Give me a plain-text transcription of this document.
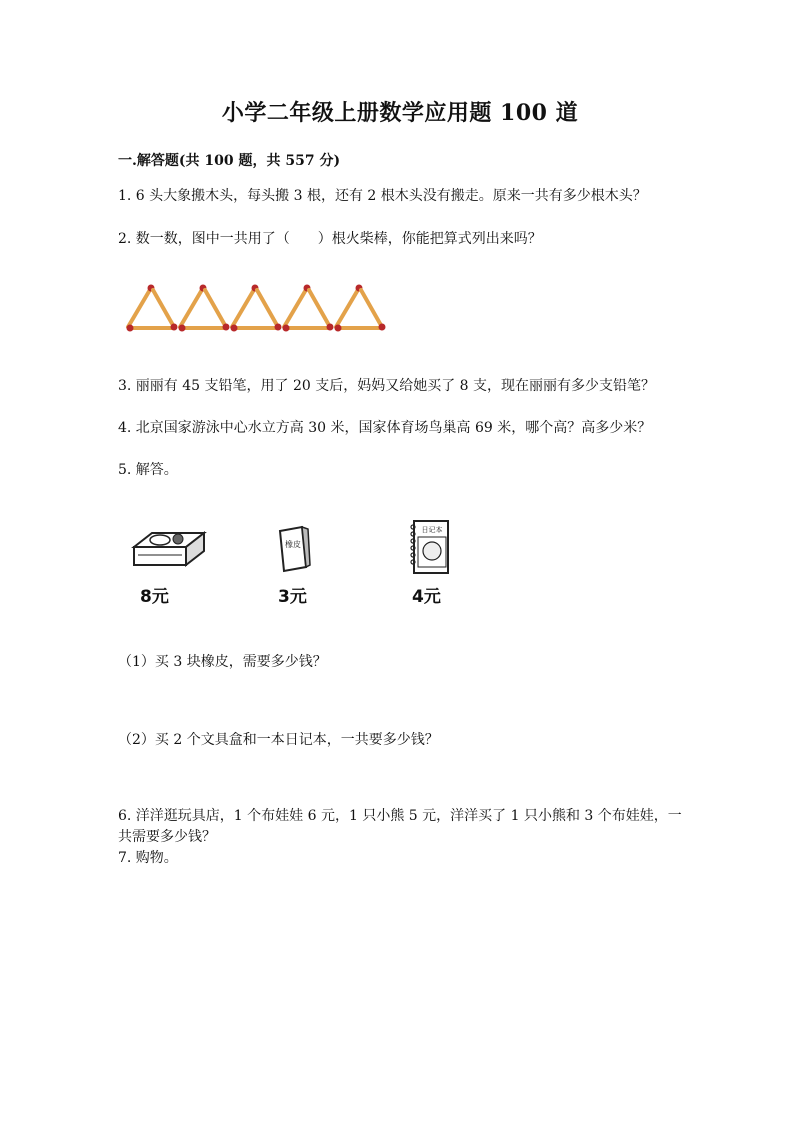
小学二年级上册数学应用题 100 道
一.解答题(共 100 题，共 557 分)
1. 6 头大象搬木头，每头搬 3 根，还有 2 根木头没有搬走。原来一共有多少根木头？
2. 数一数，图中一共用了（　　）根火柴棒，你能把算式列出来吗？
3. 丽丽有 45 支铅笔，用了 20 支后，妈妈又给她买了 8 支，现在丽丽有多少支铅笔？
4. 北京国家游泳中心水立方高 30 米，国家体育场鸟巢高 69 米，哪个高？高多少米？
5. 解答。
8元
橡皮
3元
日记本
4元
（1）买 3 块橡皮，需要多少钱？
（2）买 2 个文具盒和一本日记本，一共要多少钱？
6. 洋洋逛玩具店，1 个布娃娃 6 元，1 只小熊 5 元，洋洋买了 1 只小熊和 3 个布娃娃，一共需要多少钱？
7. 购物。
